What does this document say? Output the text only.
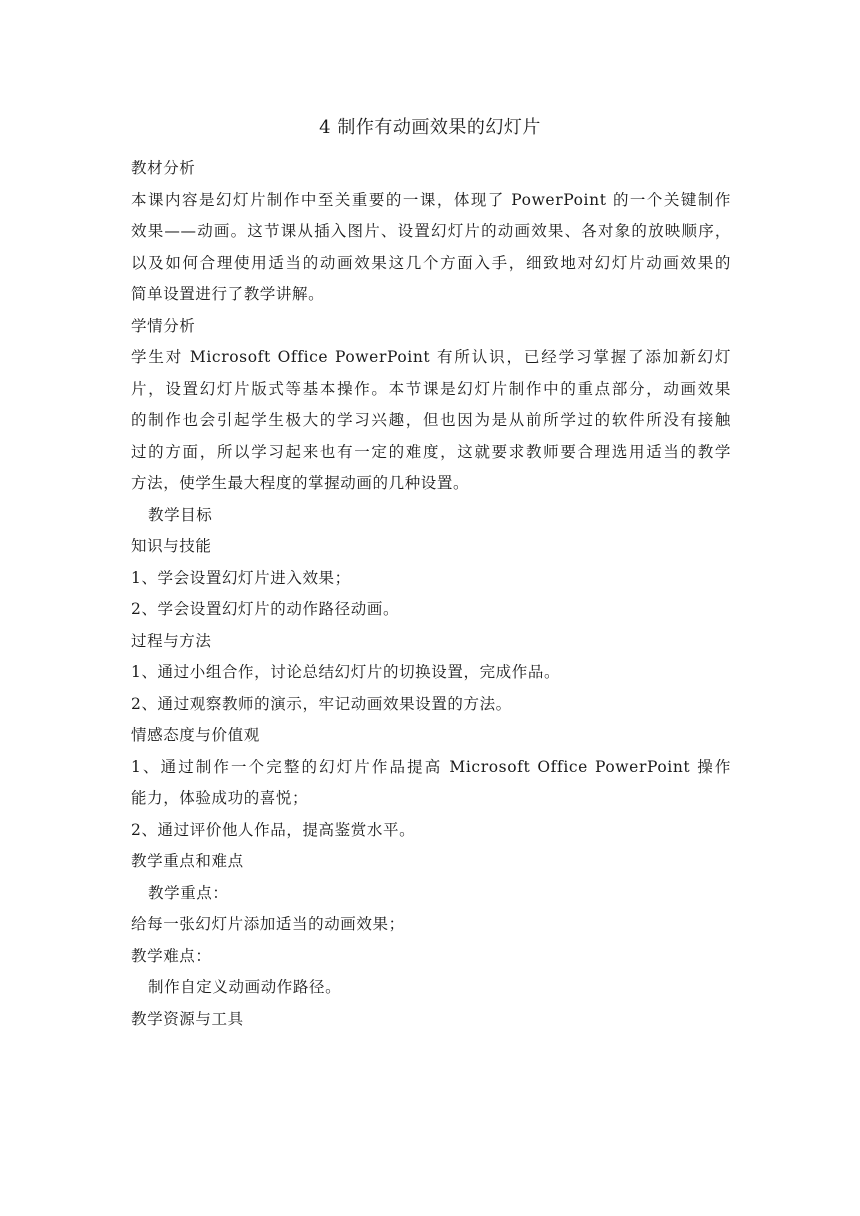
4 制作有动画效果的幻灯片

教材分析

本课内容是幻灯片制作中至关重要的一课，体现了 PowerPoint 的一个关键制作
效果——动画。这节课从插入图片、设置幻灯片的动画效果、各对象的放映顺序，
以及如何合理使用适当的动画效果这几个方面入手，细致地对幻灯片动画效果的
简单设置进行了教学讲解。

学情分析

学生对 Microsoft Office PowerPoint 有所认识，已经学习掌握了添加新幻灯
片，设置幻灯片版式等基本操作。本节课是幻灯片制作中的重点部分，动画效果
的制作也会引起学生极大的学习兴趣，但也因为是从前所学过的软件所没有接触
过的方面，所以学习起来也有一定的难度，这就要求教师要合理选用适当的教学
方法，使学生最大程度的掌握动画的几种设置。

教学目标

知识与技能

1、学会设置幻灯片进入效果；

2、学会设置幻灯片的动作路径动画。

过程与方法

1、通过小组合作，讨论总结幻灯片的切换设置，完成作品。

2、通过观察教师的演示，牢记动画效果设置的方法。

情感态度与价值观

1、通过制作一个完整的幻灯片作品提高 Microsoft Office PowerPoint 操作
能力，体验成功的喜悦；

2、通过评价他人作品，提高鉴赏水平。

教学重点和难点

教学重点：

给每一张幻灯片添加适当的动画效果；

教学难点：

制作自定义动画动作路径。

教学资源与工具
